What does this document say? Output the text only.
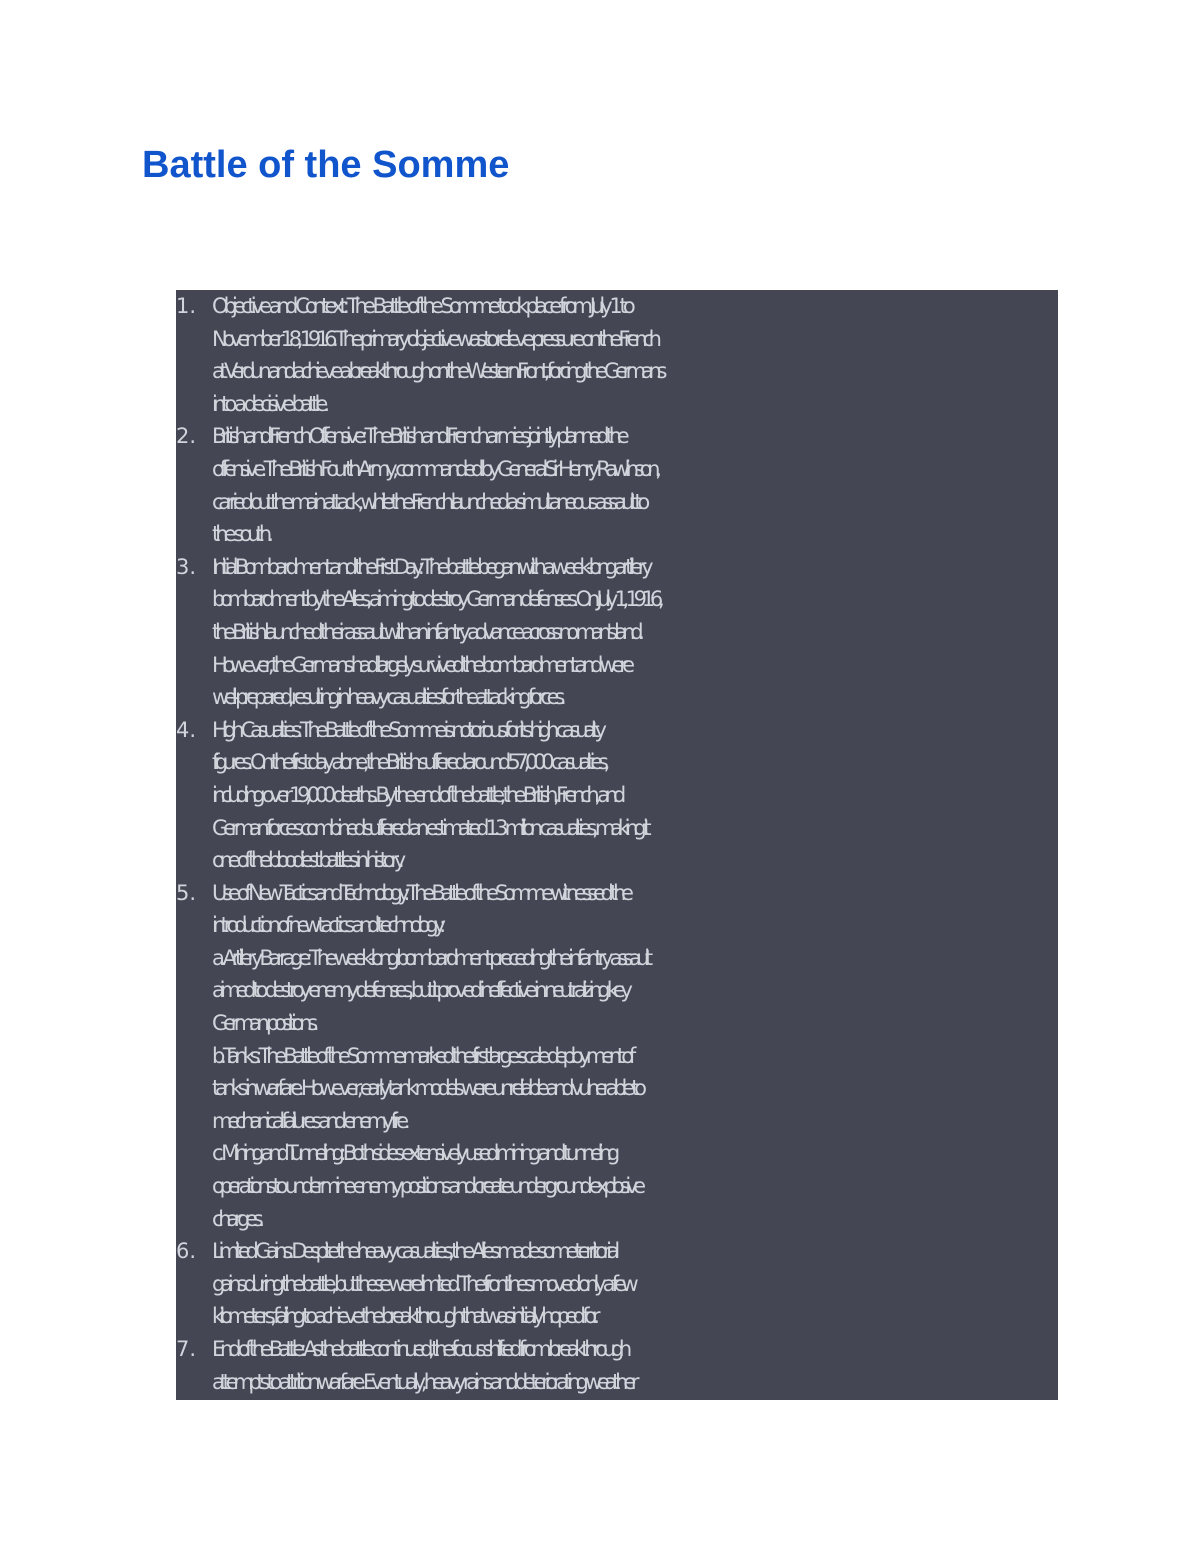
Battle of the Somme
1. Objective and Context: The Battle of the Somme took place from July 1 to
November 18, 1916. The primary objective was to relieve pressure on the French
at Verdun and achieve a breakthrough on the Western Front, forcing the Germans
into a decisive battle.
2. British and French Offensive: The British and French armies jointly planned the
offensive. The British Fourth Army, commanded by General Sir Henry Rawlinson,
carried out the main attack, while the French launched a simultaneous assault to
the south.
3. Initial Bombardment and the First Day: The battle began with a week-long artillery
bombardment by the Allies, aiming to destroy German defenses. On July 1, 1916,
the British launched their assault with an infantry advance across no man's land.
However, the Germans had largely survived the bombardment and were
well-prepared, resulting in heavy casualties for the attacking forces.
4. High Casualties: The Battle of the Somme is notorious for its high casualty
figures. On the first day alone, the British suffered around 57,000 casualties,
including over 19,000 deaths. By the end of the battle, the British, French, and
German forces combined suffered an estimated 1.3 million casualties, making it
one of the bloodiest battles in history.
5. Use of New Tactics and Technology: The Battle of the Somme witnessed the
introduction of new tactics and technology:
a. Artillery Barrage: The week-long bombardment preceding the infantry assault
aimed to destroy enemy defenses, but it proved ineffective in neutralizing key
German positions.
b. Tanks: The Battle of the Somme marked the first large-scale deployment of
tanks in warfare. However, early tank models were unreliable and vulnerable to
mechanical failures and enemy fire.
c. Mining and Tunneling: Both sides extensively used mining and tunneling
operations to undermine enemy positions and create underground explosive
charges.
6. Limited Gains: Despite the heavy casualties, the Allies made some territorial
gains during the battle, but these were limited. The frontlines moved only a few
kilometers, failing to achieve the breakthrough that was initially hoped for.
7. End of the Battle: As the battle continued, the focus shifted from breakthrough
attempts to attrition warfare. Eventually, heavy rains and deteriorating weather
